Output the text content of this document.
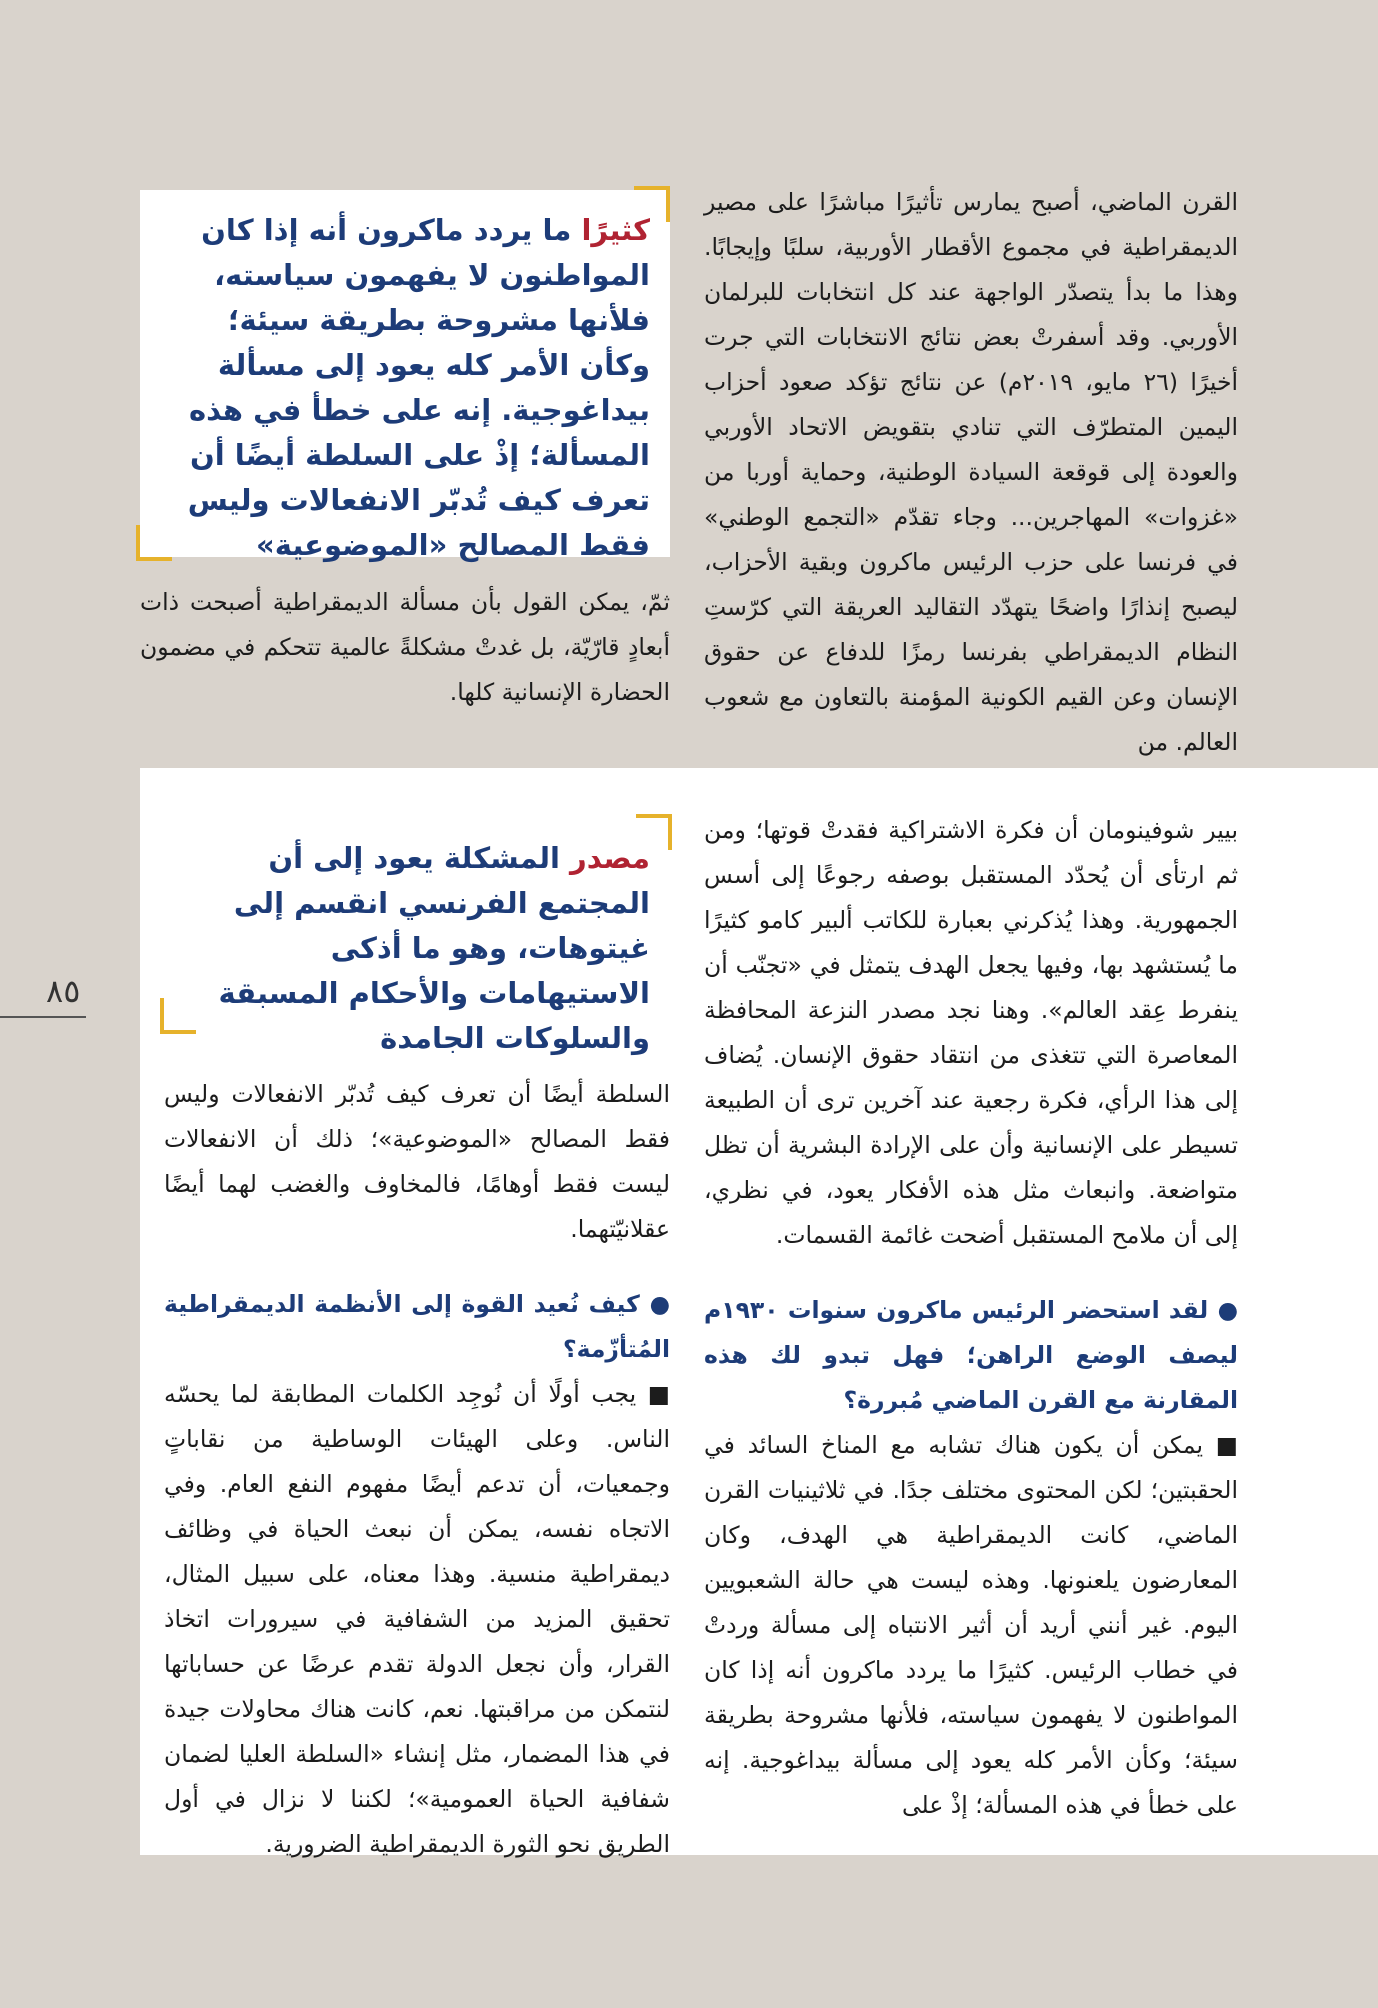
القرن الماضي، أصبح يمارس تأثيرًا مباشرًا على مصير الديمقراطية في مجموع الأقطار الأوربية، سلبًا وإيجابًا. وهذا ما بدأ يتصدّر الواجهة عند كل انتخابات للبرلمان الأوربي. وقد أسفرتْ بعض نتائج الانتخابات التي جرت أخيرًا (٢٦ مايو، ٢٠١٩م) عن نتائج تؤكد صعود أحزاب اليمين المتطرّف التي تنادي بتقويض الاتحاد الأوربي والعودة إلى قوقعة السيادة الوطنية، وحماية أوربا من «غزوات» المهاجرين... وجاء تقدّم «التجمع الوطني» في فرنسا على حزب الرئيس ماكرون وبقية الأحزاب، ليصبح إنذارًا واضحًا يتهدّد التقاليد العريقة التي كرّستِ النظام الديمقراطي بفرنسا رمزًا للدفاع عن حقوق الإنسان وعن القيم الكونية المؤمنة بالتعاون مع شعوب العالم. من

كثيرًا ما يردد ماكرون أنه إذا كان المواطنون لا يفهمون سياسته، فلأنها مشروحة بطريقة سيئة؛ وكأن الأمر كله يعود إلى مسألة بيداغوجية. إنه على خطأ في هذه المسألة؛ إذْ على السلطة أيضًا أن تعرف كيف تُدبّر الانفعالات وليس فقط المصالح «الموضوعية»

ثمّ، يمكن القول بأن مسألة الديمقراطية أصبحت ذات أبعادٍ قارّيّة، بل غدتْ مشكلةً عالمية تتحكم في مضمون الحضارة الإنسانية كلها.

بيير شوفينومان أن فكرة الاشتراكية فقدتْ قوتها؛ ومن ثم ارتأى أن يُحدّد المستقبل بوصفه رجوعًا إلى أسس الجمهورية. وهذا يُذكرني بعبارة للكاتب ألبير كامو كثيرًا ما يُستشهد بها، وفيها يجعل الهدف يتمثل في «تجنّب أن ينفرط عِقد العالم». وهنا نجد مصدر النزعة المحافظة المعاصرة التي تتغذى من انتقاد حقوق الإنسان. يُضاف إلى هذا الرأي، فكرة رجعية عند آخرين ترى أن الطبيعة تسيطر على الإنسانية وأن على الإرادة البشرية أن تظل متواضعة. وانبعاث مثل هذه الأفكار يعود، في نظري، إلى أن ملامح المستقبل أضحت غائمة القسمات.

● لقد استحضر الرئيس ماكرون سنوات ١٩٣٠م ليصف الوضع الراهن؛ فهل تبدو لك هذه المقارنة مع القرن الماضي مُبررة؟

■ يمكن أن يكون هناك تشابه مع المناخ السائد في الحقبتين؛ لكن المحتوى مختلف جدًا. في ثلاثينيات القرن الماضي، كانت الديمقراطية هي الهدف، وكان المعارضون يلعنونها. وهذه ليست هي حالة الشعبويين اليوم. غير أنني أريد أن أثير الانتباه إلى مسألة وردتْ في خطاب الرئيس. كثيرًا ما يردد ماكرون أنه إذا كان المواطنون لا يفهمون سياسته، فلأنها مشروحة بطريقة سيئة؛ وكأن الأمر كله يعود إلى مسألة بيداغوجية. إنه على خطأ في هذه المسألة؛ إذْ على

مصدر المشكلة يعود إلى أن المجتمع الفرنسي انقسم إلى غيتوهات، وهو ما أذكى الاستيهامات والأحكام المسبقة والسلوكات الجامدة

السلطة أيضًا أن تعرف كيف تُدبّر الانفعالات وليس فقط المصالح «الموضوعية»؛ ذلك أن الانفعالات ليست فقط أوهامًا، فالمخاوف والغضب لهما أيضًا عقلانيّتهما.

● كيف نُعيد القوة إلى الأنظمة الديمقراطية المُتأزّمة؟

■ يجب أولًا أن نُوجِد الكلمات المطابقة لما يحسّه الناس. وعلى الهيئات الوساطية من نقاباتٍ وجمعيات، أن تدعم أيضًا مفهوم النفع العام. وفي الاتجاه نفسه، يمكن أن نبعث الحياة في وظائف ديمقراطية منسية. وهذا معناه، على سبيل المثال، تحقيق المزيد من الشفافية في سيرورات اتخاذ القرار، وأن نجعل الدولة تقدم عرضًا عن حساباتها لنتمكن من مراقبتها. نعم، كانت هناك محاولات جيدة في هذا المضمار، مثل إنشاء «السلطة العليا لضمان شفافية الحياة العمومية»؛ لكننا لا نزال في أول الطريق نحو الثورة الديمقراطية الضرورية.

٨٥
